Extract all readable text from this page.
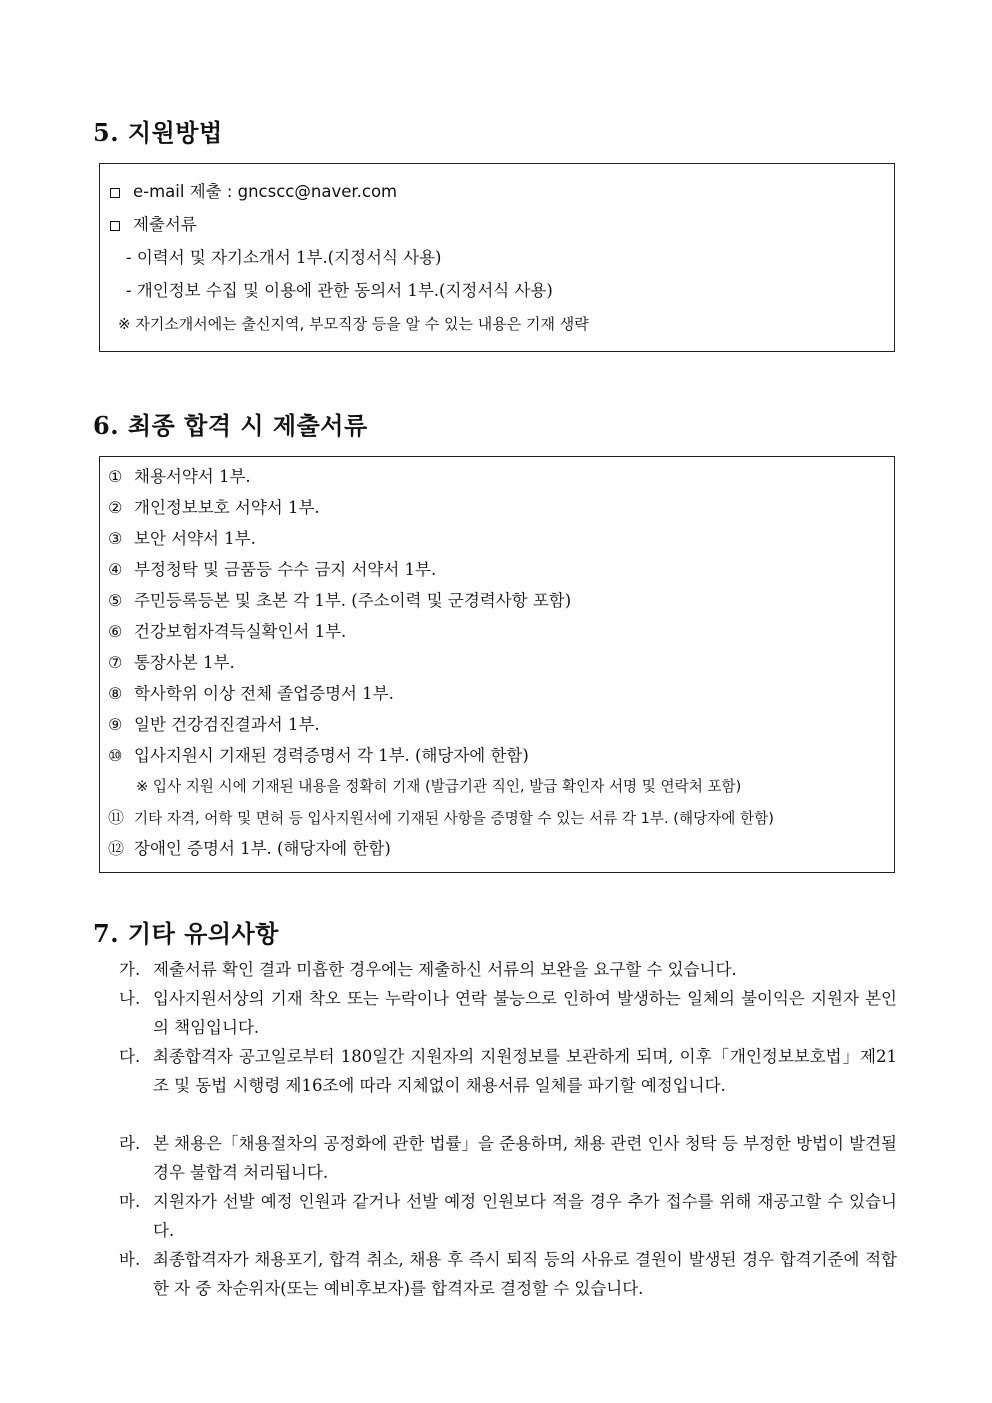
5. 지원방법
e-mail 제출 : gncscc@naver.com
제출서류
- 이력서 및 자기소개서 1부.(지정서식 사용)
- 개인정보 수집 및 이용에 관한 동의서 1부.(지정서식 사용)
※ 자기소개서에는 출신지역, 부모직장 등을 알 수 있는 내용은 기재 생략
6. 최종 합격 시 제출서류
① 채용서약서 1부.
② 개인정보보호 서약서 1부.
③ 보안 서약서 1부.
④ 부정청탁 및 금품등 수수 금지 서약서 1부.
⑤ 주민등록등본 및 초본 각 1부. (주소이력 및 군경력사항 포함)
⑥ 건강보험자격득실확인서 1부.
⑦ 통장사본 1부.
⑧ 학사학위 이상 전체 졸업증명서 1부.
⑨ 일반 건강검진결과서 1부.
⑩ 입사지원시 기재된 경력증명서 각 1부. (해당자에 한함)
※ 입사 지원 시에 기재된 내용을 정확히 기재 (발급기관 직인, 발급 확인자 서명 및 연락처 포함)
⑪ 기타 자격, 어학 및 면허 등 입사지원서에 기재된 사항을 증명할 수 있는 서류 각 1부. (해당자에 한함)
⑫ 장애인 증명서 1부. (해당자에 한함)
7. 기타 유의사항
가. 제출서류 확인 결과 미흡한 경우에는 제출하신 서류의 보완을 요구할 수 있습니다.
나. 입사지원서상의 기재 착오 또는 누락이나 연락 불능으로 인하여 발생하는 일체의 불이익은 지원자 본인의 책임입니다.
다. 최종합격자 공고일로부터 180일간 지원자의 지원정보를 보관하게 되며, 이후「개인정보보호법」제21조 및 동법 시행령 제16조에 따라 지체없이 채용서류 일체를 파기할 예정입니다.
라. 본 채용은「채용절차의 공정화에 관한 법률」을 준용하며, 채용 관련 인사 청탁 등 부정한 방법이 발견될 경우 불합격 처리됩니다.
마. 지원자가 선발 예정 인원과 같거나 선발 예정 인원보다 적을 경우 추가 접수를 위해 재공고할 수 있습니다.
바. 최종합격자가 채용포기, 합격 취소, 채용 후 즉시 퇴직 등의 사유로 결원이 발생된 경우 합격기준에 적합한 자 중 차순위자(또는 예비후보자)를 합격자로 결정할 수 있습니다.
